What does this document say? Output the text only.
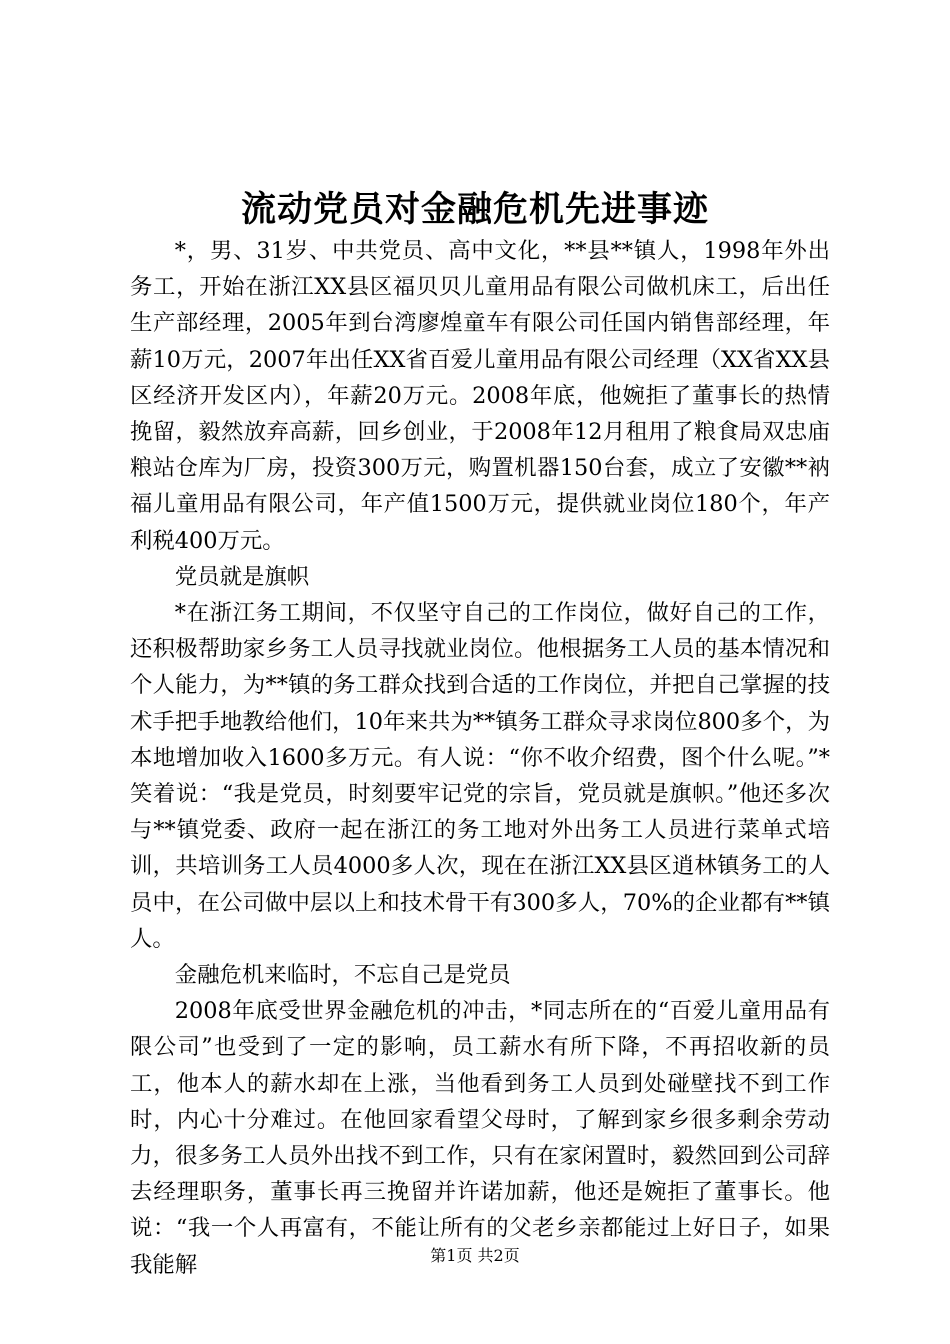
流动党员对金融危机先进事迹

*，男、31岁、中共党员、高中文化，**县**镇人，1998年外出务工，开始在浙江XX县区福贝贝儿童用品有限公司做机床工，后出任生产部经理，2005年到台湾廖煌童车有限公司任国内销售部经理，年薪10万元，2007年出任XX省百爱儿童用品有限公司经理（XX省XX县区经济开发区内），年薪20万元。2008年底，他婉拒了董事长的热情挽留，毅然放弃高薪，回乡创业，于2008年12月租用了粮食局双忠庙粮站仓库为厂房，投资300万元，购置机器150台套，成立了安徽**衲福儿童用品有限公司，年产值1500万元，提供就业岗位180个，年产利税400万元。

党员就是旗帜

*在浙江务工期间，不仅坚守自己的工作岗位，做好自己的工作，还积极帮助家乡务工人员寻找就业岗位。他根据务工人员的基本情况和个人能力，为**镇的务工群众找到合适的工作岗位，并把自己掌握的技术手把手地教给他们，10年来共为**镇务工群众寻求岗位800多个，为本地增加收入1600多万元。有人说：“你不收介绍费，图个什么呢。”*笑着说：“我是党员，时刻要牢记党的宗旨，党员就是旗帜。”他还多次与**镇党委、政府一起在浙江的务工地对外出务工人员进行菜单式培训，共培训务工人员4000多人次，现在在浙江XX县区逍林镇务工的人员中，在公司做中层以上和技术骨干有300多人，70%的企业都有**镇人。

金融危机来临时，不忘自己是党员

2008年底受世界金融危机的冲击，*同志所在的“百爱儿童用品有限公司”也受到了一定的影响，员工薪水有所下降，不再招收新的员工，他本人的薪水却在上涨，当他看到务工人员到处碰壁找不到工作时，内心十分难过。在他回家看望父母时，了解到家乡很多剩余劳动力，很多务工人员外出找不到工作，只有在家闲置时，毅然回到公司辞去经理职务，董事长再三挽留并许诺加薪，他还是婉拒了董事长。他说：“我一个人再富有，不能让所有的父老乡亲都能过上好日子，如果我能解	第1页 共2页
